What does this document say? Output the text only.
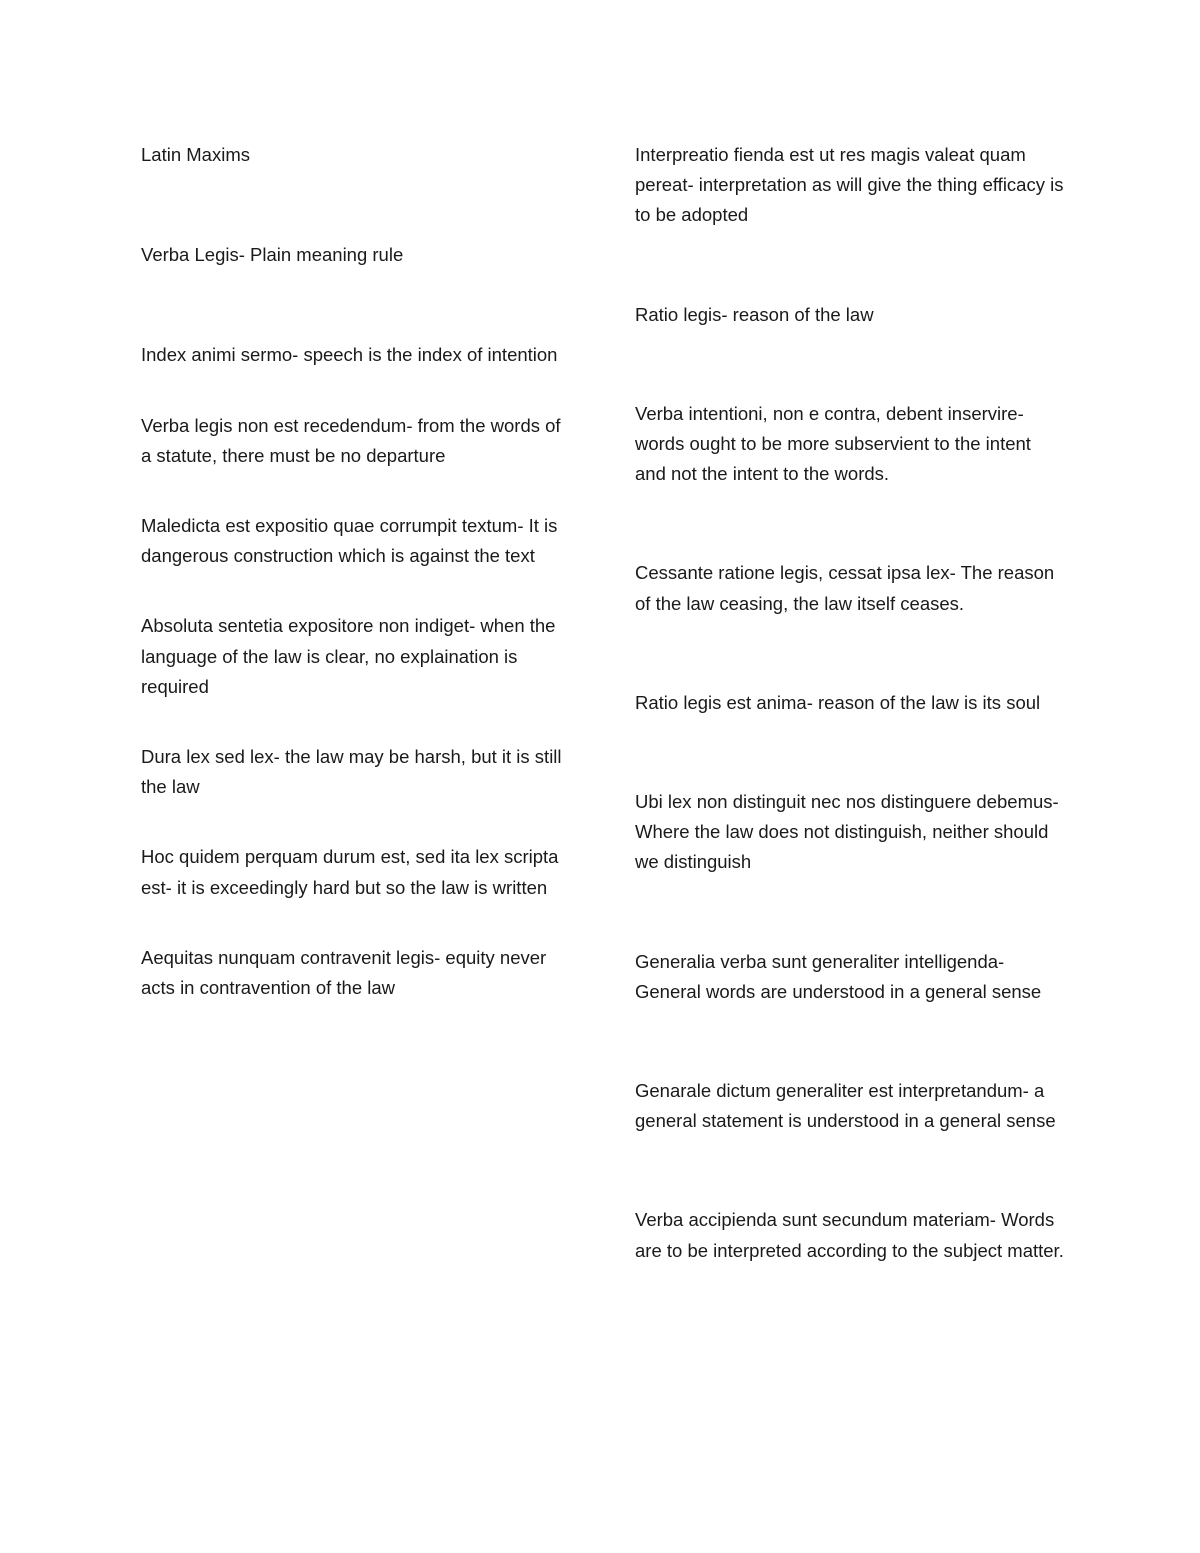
Latin Maxims

Verba Legis- Plain meaning rule

Index animi sermo- speech is the index of intention

Verba legis non est recedendum- from the words of a statute, there must be no departure

Maledicta est expositio quae corrumpit textum- It is dangerous construction which is against the text

Absoluta sentetia expositore non indiget- when the language of the law is clear, no explaination is required

Dura lex sed lex- the law may be harsh, but it is still the law

Hoc quidem perquam durum est, sed ita lex scripta est- it is exceedingly hard but so the law is written

Aequitas nunquam contravenit legis- equity never acts in contravention of the law

Interpreatio fienda est ut res magis valeat quam pereat- interpretation as will give the thing efficacy is to be adopted

Ratio legis- reason of the law

Verba intentioni, non e contra, debent inservire- words ought to be more subservient to the intent and not the intent to the words.

Cessante ratione legis, cessat ipsa lex- The reason of the law ceasing, the law itself ceases.

Ratio legis est anima- reason of the law is its soul

Ubi lex non distinguit nec nos distinguere debemus- Where the law does not distinguish, neither should we distinguish

Generalia verba sunt generaliter intelligenda- General words are understood in a general sense

Genarale dictum generaliter est interpretandum- a general statement is understood in a general sense

Verba accipienda sunt secundum materiam- Words are to be interpreted according to the subject matter.
